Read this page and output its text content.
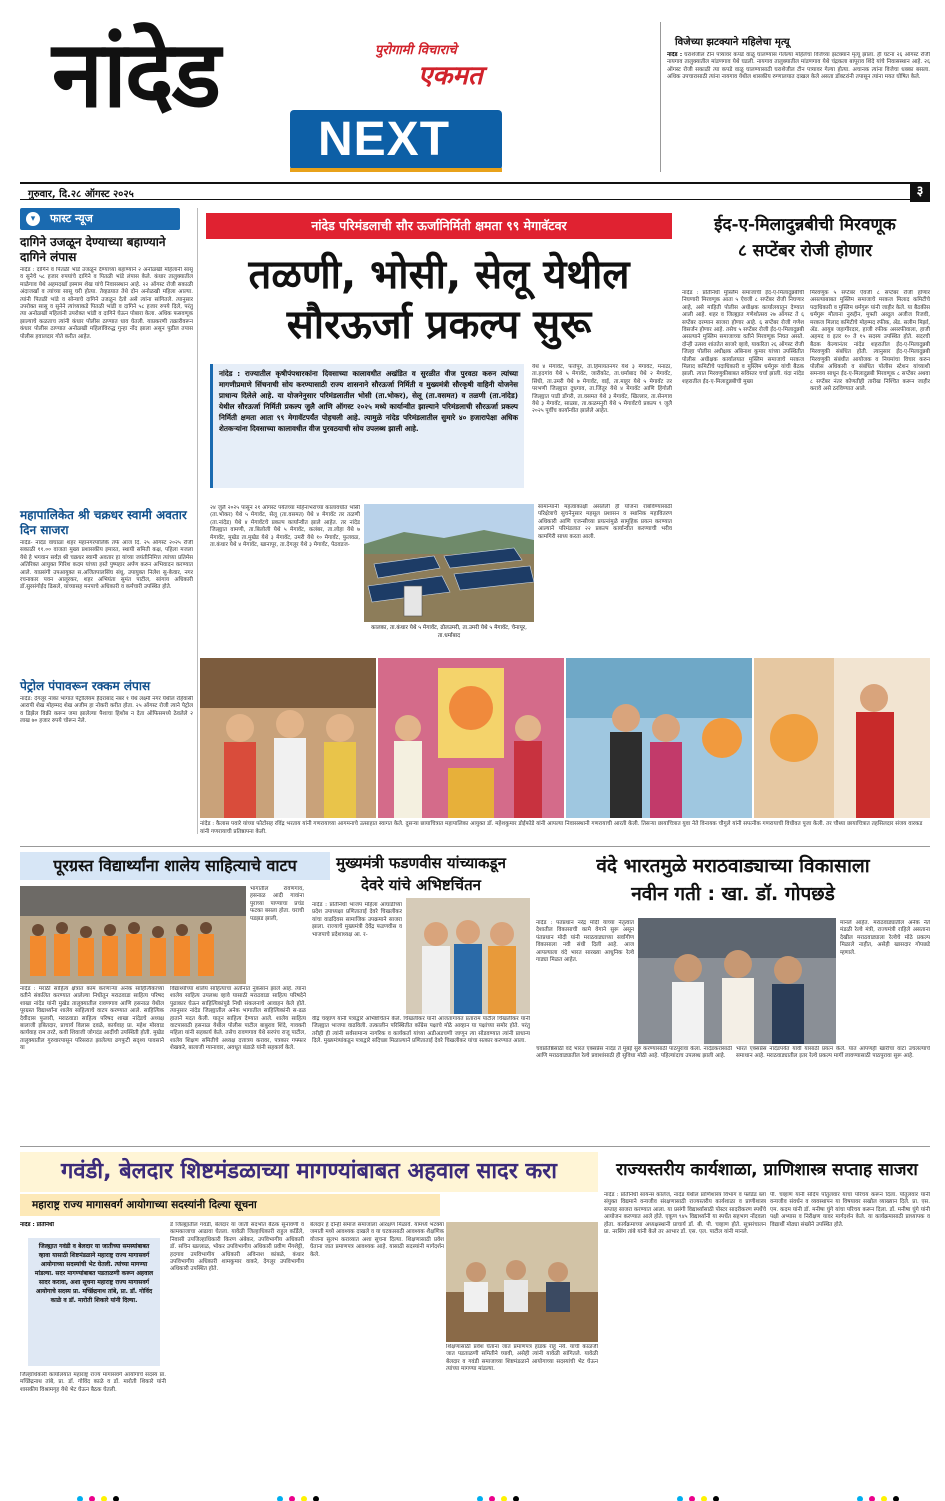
नांदेड	पुरोगामी विचाराचे
एकमत
NEXT
विजेच्या झटक्याने महिलेचा मृत्यू
नांदेड : घराशेजील टीन पत्र्यावर कपडे वाळू घालण्यास गेलेल्या महिलेचा विजेच्या झटक्याने मृत्यू झाला. ही घटना २६ ऑगस्ट रोजी नायगाव तालुक्यातील मांडणगाव येथे घडली. नायगाव तालुक्यातील मांडणगाव येथे चंद्रकला बापूराव शिंदे यांचे निवासस्थान आहे. २६ ऑगस्ट रोजी सकाळी त्या कपडे वाळू घालण्यासाठी घराशेजील टीन पत्र्यावर गेल्या होत्या. अचानक त्यांना विजेचा धक्का बसला. अधिक उपचारासाठी त्यांना नायगाव येथील शासकीय रुग्णालयात दाखल केले असता डॉक्टरांनी तपासून त्यांना मयत घोषित केले.
गुरुवार, दि.२८ ऑगस्ट २०२५	३
▾	फास्ट न्यूज
दागिने उजळून देण्याच्या बहाण्याने दागिने लंपास
नांदेड : दागिने व पितळी भांडे उजळून देण्याच्या बहाण्याने २ अनोळखी महिलांनी सासू व सुनेचे ५८ हजार रुपयांचे दागिने व पितळी भांडे लंपास केले. कंधार तालुक्यातील माळेगाव येथे अहमदखाँ इस्माम शेख यांचे निवासस्थान आहे. २२ ऑगस्ट रोजी सकाळी अंदाजखाँ व त्यांच्या सासू घरी होत्या. तेव्हढयात तेथे दोन अनोळखी महिला आल्या. त्यांनी पितळी भांडे व सोन्याचे दागिने उजळून देतो असे त्यांना सांगितले. त्यानुसार उपरोक्त सासू व सुनेने त्यांच्याकडे पितळी भांडी व दागिने ५८ हजार रुपये दिले, परंतु त्या अनोळखी महिलांनी उपरोक्त भांडी व दागिने घेऊन पोबारा केला. अधिक फसवणूक झाल्याचे कळताच त्यांनी कंधार पोलीस ठाण्यात धाव घेतली. याप्रकरणी तक्रारीवरून कंधार पोलीस ठाण्यात अनोळखी महिलांविरुद्ध गुन्हा नोंद झाला असून पुढील तपास पोलीस हवालदार गोते करीत आहेत.
महापालिकेत श्री चक्रधर स्वामी अवतार दिन साजरा
नांदेड- नांदेड वाघाळा शहर महानगरपालिके तर्फे आज दि. २५ ऑगस्ट २०२५ रोजी सकाळी ११.०० वाजता मुख्य प्रशासकीय इमारत, स्थायी समिती कक्ष, पहिला मजला येथे हे भगवान सर्वज्ञ श्री चक्रधर स्वामी अवतार हा यांच्या जयंतीनिमित्त त्यांच्या प्रतिमेस अतिरिक्त आयुक्त गिरिश कदम यांच्या हस्ते पुष्पहार अर्पण करुन अभिवादन करण्यात आले. याप्रसंगी उपआयुक्त स.अजितपालसिंघ संधू, उपायुक्त निलेश सु-केवार, नगर रचनाकार पवन आलूरकर, शहर अभियंता सुमंत पाटील, सांगाय अधिकारी डॉ.सुरसंगोईद ढिसले, यांच्यासह मनपाचे अधिकारी व कर्मचारी उपस्थित होते.
पेट्रोल पंपावरून रक्कम लंपास
नांदेड: देगलूर नाका भागात पेट्रोलियम हैदराबाद नंबर १ येथे लक्ष्मी नगर येथील रहिवासी आरापी शेख मोहम्मद शेख अजीम हा नोकरी करीत होता. २५ ऑगस्ट रोजी त्याने पेट्रोल व डिझेल विक्री करून जमा झालेल्या पैशाचा हिशोब न देता ऑफिसमध्ये ठेवलेले २ लाख ७० हजार रुपये चोरून नेले.
नांदेड परिमंडलाची सौर ऊर्जानिर्मिती क्षमता ९९ मेगावॅटवर
तळणी, भोसी, सेलू येथील
सौरऊर्जा प्रकल्प सुरू
नांदेड : राज्यातील कृषीपंपधारकांना दिवसाच्या कालावधीत अखंडित व सुरळीत वीज पुरवठा करुन त्यांच्या मागणीप्रमाणे सिंचनाची सोय करण्यासाठी राज्य शासनाने सौरऊर्जा निर्मिती व मुख्यमंत्री सौरकृषी वाहिनी योजनेस प्राधान्य दिलेले आहे. या योजनेनुसार परिमंडलातील भोसी (ता.भोकर), सेलू (ता.वसमत) व तळणी (ता.नांदेड) येथील सौरऊर्जा निर्मिती प्रकल्प जुलै आणि ऑगस्ट २०२५ मध्ये कार्यान्वीत झाल्याने परिमंडलाची सौरऊर्जा प्रकल्प निर्मिती क्षमता आता ९९ मेगावॅटपर्यंत पोहचली आहे. त्यामुळे नांदेड परिमंडलातील सुमारे ४० हजारापेक्षा अधिक शेतकऱ्यांना दिवसाच्या कालावधीत वीज पुरवठयाची सोय उपलब्ध झाली आहे.
येथे ४ मेगावॅट, फत्तेपूर, ता.हिमायतनगर येथे ३ मेगावॅट, मनाठा, ता.हदगांव येथे ५ मेगावॅट, जारीकोट, ता.धर्माबाद येथे २ मेगावॅट, सिंधी, ता.उमरी येथे ७ मेगावॅट, वाई, ता.माहूर येथे ५ मेगावॅट तर परभणी जिल्ह्यात दुधगाव, ता.जिंतूर येथे ४ मेगावॅट आणि हिंगोली जिल्ह्यात पाडी डोंगरी, ता.वसमत येथे ३ मेगावॅट, खिल्लार, ता.सेनगाव येथे ३ मेगावॅट, साळ्या, ता.कळमनुरी येथे ५ मेगावॅटचे प्रकल्प ९ जुलै २०२५ पूर्वीच कार्यान्वीत झालेले आहेत.
२४ जुलै २०२५ पासून २१ ऑगस्ट पर्यंतच्या महिनाभराच्या कालावधीत भोसी (ता.भोकर) येथे ५ मेगावॅट, सेलू (ता.वसमत) येथे ४ मेगावॅट तर तळणी (ता.नांदेड) येथे ४ मेगावॅटचे प्रकल्प कार्यान्वीत झाले आहेत. तर नांदेड जिल्ह्यात वामणी, ता.बिलोली येथे ५ मेगावॅट, कलंबर, ता.लोहा येथे ७ मेगावॅट, मुखेड ता.मुखेड येथे ३ मेगावॅट, उमरी येथे १० मेगावॅट, फुलवळ, ता.कंधार येथे ४ मेगावॅट, खानापूर, ता.देगलूर येथे ३ मेगावॅट, पेठवडज-
कालका, ता.कंधार येथे ५ मेगावॅट, ढोलउमरी, ता.उमरी येथे ५ मेगावॅट, चेनापूर, ता.धर्माबाद
सामान्यांनी महत्वाकांक्षी असलेली ही योजना राबविण्यासाठी परिक्षेत्राचे सुचनेनुसार महसूल प्रशासन व स्थानिक महावितरण अधिकारी आणि एजन्सीच्या प्रयत्नांमुळे सामूहिक प्रयत्न करण्यात आल्याने परिमंडलात २२ प्रकल्प कार्यान्वीत करण्याची भरीव कामगिरी साध्य करता आली.
ईद-ए-मिलादुन्नबीची मिरवणूक
८ सप्टेंबर रोजी होणार
नांदेड : प्रतिनिधी मुस्लिम समाजाची ईद-ए-मिलादुन्नबीची निघणारी मिरवणूक आता ५ ऐवजी ८ सप्टेंबर रोजी निघणार आहे, असे माहिती पोलीस अधीक्षक कार्यालयातून देण्यात आली आहे. शहर व जिल्ह्यात गणेशोत्सव २७ ऑगस्ट ते ६ सप्टेंबर दरम्यान साजरा होणार आहे. ६ सप्टेंबर रोजी गणेश विसर्जन होणार आहे. तसेच ५ सप्टेंबर रोजी ईद-ए-मिलादुन्नबी असल्याने मुस्लिम समाजाच्या वतीने मिरवणूक निघत असते. दोन्ही उत्सव शांततेत साजरे व्हावे, याकरिता २६ ऑगस्ट रोजी जिल्हा पोलीस अधीक्षक अबिनाश कुमार यांच्या उपस्थितीत पोलीस अधीक्षक कार्यालयात मुस्लिम समाजाचे मरकज मिलाद कमिटीचे पदाधिकारी व मुस्लिम धर्मगुरू यांची बैठक झाली. त्यात मिरवणुकीबाबत सविस्तर चर्चा झाली. यंदा नांदेड शहरातील ईद-ए-मिलादुन्नबीची मुख्य
मिरवणूक ५ सप्टेंबर ऐवजी ८ सप्टेंबर रोजी होणार असल्याबाबत मुस्लिम समाजाचे मरकज मिलाद कमिटीचे पदाधिकारी व मुस्लिम धर्मगुरू यांनी जाहीर केले. या बैठकीस धर्मगुरू मौलाना नुरुद्दीन, मुफ्ती अब्दुल अजीज रिजवी, मरकज मिलाद कमिटीचे मोहम्मद रफीक, ॲड. सलीम मिर्झा, ॲड. आयुब जहागीरदार, हाजी रफीक असरफीवाला, हाजी अहमद व इतर १० ते १५ सदस्य उपस्थित होते. सदरची बैठक केल्यानंतर नांदेड शहरातील ईद-ए-मिलादुन्नबी मिरवणुकी संबंधित होती. त्यानुसार ईद-ए-मिलादुन्नबी मिरवणुकी संबंधीत आयोजक व नियमांचा विचार करुन पोलीस अधिकारी व संबंधित पोलीस स्टेशन यांच्याशी समन्वय साधून ईद-ए-मिलादुन्नबी मिरवणूक ८ सप्टेंबर अथवा ८ सप्टेंबर नंतर कोणतीही तारीख निश्चित करून जाहीर करावे असे ठरविण्यात आले.
नांदेड : कैलास पवारे यांच्या फोटोसह रविंद्र भरताय यांनी गणरायाच्या आगमनाचे उत्साहात स्वागत केले. दुसऱ्या छायाचित्रात महापालिका आयुक्त डॉ. महेशकुमार डोईफोडे यांनी आपल्या निवासस्थानी गणरायाची आरती केली. तिसऱ्या छायाचित्रात युवा नेते विनायक चौगुले यांनी सपत्नीक गणरायाची विधीवत पूजा केली. तर चौथ्या छायाचित्रात तहसिलदार संजय वारकड यांनी गणरायाची प्रतिष्ठापना केली.
पूरग्रस्त विद्यार्थ्यांना शालेय साहित्याचे वाटप
भागातील रावणगाव, हसनाळ आदी गावांना पुराच्या पाण्याचा प्रचंड फटका बसला होता. घराची पडझड झाली,
नांदेड : मराठी साहित्य क्षेत्रात काम करणाऱ्या अनेक साहित्यिकांच्या वतीने संकलित करण्यात आलेल्या निधीतून मराठवाडा साहित्य परिषद शाखा नांदेड यांनी मुखेड तालुक्यातील रावणगाव आणि हसनाळ येथील पूरग्रस्त विद्यार्थ्यांना शालेय साहित्याचे वाटप करण्यात आले. साहित्यिक देवीदास फुलारी, मराठवाडा साहित्य परिषद शाखा नांदेडचे अध्यक्ष बालाजी इबितदार, प्राचार्य विलास दवळे, कार्यवाह प्रा. महेश मोरवाड कार्यवाह राम तरटे, कवी शिवाजी जोगदंड आदींची उपस्थिती होती. मुखेड तालुक्यातील गुरुवारपासून परिसरात झालेल्या ढगफुटी सदृश्य पावसाने या
विद्यार्थ्यांच्या शालेय साहित्याचा अतोनात नुकसान झाले आहे. त्यांना शालेय साहित्य उपलब्ध व्हावे यासाठी मराठवाडा साहित्य परिषदेने पुढाकार घेऊन साहित्यिकांपुढे निधी संकलनाचे आवाहन केले होते. त्यानुसार नांदेड जिल्ह्यातील अनेक भागातील साहित्यिकांनी स-ढळ हाताने मदत केली. यातून साहित्य देण्यात आले. शालेय साहित्य वाटपासाठी हसनाळ येथील पोलीस पाटील बाबुराव शिंदे, गावकरी महिला यांनी सहकार्य केले. तसेच रावणगाव येथे सरपंच राजू पाटील, शालेय शिक्षण समितीचे अध्यक्ष दत्तात्रय करावर, पत्रकार गफ्फार शेखकरे, बालाजी ग्यानावार, अवधूत बंडाळे यांनी सहकार्य केले.
मुख्यमंत्री फडणवीस यांच्याकडून
देवरे यांचे अभिष्टचिंतन
नांदेड : प्रतिनिधी भाजप महिला आघाडीच्या प्रदेश उपाध्यक्षा प्रणिताताई देवरे चिखलीकर यांचा वाढदिवस सामाजिक उपक्रमाने साजरा झाला. राज्याचे मुख्यमंत्री देवेंद्र फडणवीस व भाजपाचे प्रदेशाध्यक्ष आ. र-
वींद्र चव्हाण यांनी पत्राद्वारे अभिष्टचिंतन केले. चिखलीकर यांनी आजतागायत प्रताराम पाटील चिखलीकर यांनी जिल्ह्यात भाजपा वाढविली. तत्कालीन परिस्थितीत काँग्रेस पक्षाचे मोठे आव्हान या पक्षांच्या समोर होते. परंतु तरीही ही त्यांनी सर्वसामान्य नागरिक व कार्यकर्ता यांच्या अडीअडचणी जाणून त्या सोडवण्यात त्यांनी प्राधान्य दिले. मुख्यमंत्र्यांकडून पत्राद्वारे सदिच्छा मिळाल्याने प्रणिताताई देवरे चिखलीकर यांचा सत्कार करण्यात आला.
वंदे भारतमुळे मराठवाड्याच्या विकासाला
नवीन गती : खा. डॉ. गोपछडे
नांदेड : पंतप्रधान नरेंद्र मोदी यांच्या नेतृत्वात देशातील विकासाची कामे वेगाने सुरू असून पंतप्रधान मोदी यांनी मराठवाड्याच्या सर्वांगीण विकासाला नवी संधी दिली आहे. आज आपल्याला वंदे भारत सारख्या आधुनिक रेल्वे गाड्या मिळत आहेत.
मानले आहेत. मराठवाड्यातील अनेक नेते मंडळी रेल्वे मंत्री, राज्यमंत्री राहिले असताना देखील मराठवाड्याला रेल्वेचे मोठे प्रकल्प मिळाले नाहीत, असेही खासदार गोपछडे म्हणाले.
चवप्रतिष्ठेसाठी वंदे भारत एक्सप्रेस नांदेड ते मुंबई सुरु करण्यासाठी पाठपुरावा केला. नांदेडकरांसाठी आणि मराठवाड्यातील रेल्वे प्रवाशांसाठी ही सुविधा मोठी आहे. पहिल्यांदाच उपलब्ध झाली आहे.
भारत एक्सप्रेस नांदेडपर्यंत यावी यासाठी प्रयत्न केले. यात आपणही खारीचा वाटा उचलल्याचे समाधान आहे. मराठवाड्यातील इतर रेल्वे प्रकल्प मार्गी लावण्यासाठी पाठपुरावा सुरू आहे.
गवंडी, बेलदार शिष्टमंडळाच्या मागण्यांबाबत अहवाल सादर करा
महाराष्ट्र राज्य मागासवर्ग आयोगाच्या सदस्यांनी दिल्या सूचना
नांदेड : प्रतिनिधी
जिल्ह्यात गवंडी व बेलदार या जातीच्या समस्यांबाबत व्हावा यासाठी शिष्टमंडळाने महाराष्ट्र राज्य मागासवर्ग आयोगाच्या सदस्यांची भेट घेतली. त्यांच्या मागण्या मांडल्या. सदर मागण्यांबाबत पडताळणी करून अहवाल सादर करावा, अशा सूचना महाराष्ट्र राज्य मागासवर्ग आयोगाचे सदस्य प्रा. मच्छिंद्रनाथ तांबे, प्रा. डॉ. गोविंद काळे व डॉ. मारोती शिकारे यांनी दिल्या.
जिल्हाधिकारी कार्यालयात महाराष्ट्र राज्य मागासवर्ग आयोगाचे सदस्य प्रा. मच्छिंद्रनाथ तांबे, प्रा. डॉ. गोविंद काळे व डॉ. मारोती शिकारे यांनी शासकीय विश्रामगृह येथे भेट घेऊन बैठक घेतली.
डे जिल्ह्यातील गवंडी, बेलदार या जाती संदर्भात बैठक सुनावणी व कामकाजाचा आढावा घेतला. यावेळी जिल्हाधिकारी राहुल कर्डिले, निवासी उपजिल्हाधिकारी किरण अंबेकर, उपविभागीय अधिकारी डॉ. सचिन खल्लाळ, भोकर उपविभागीय अधिकारी प्रवीण मेंगशेट्टी, हदगाव उपविभागीय अधिकारी अविनाश कांबळे, कंधार उपविभागीय अधिकारी शामकुमार वाकरे, देगलूर उपविभागीय अधिकारी उपस्थित होते.
बेलदार हे दोन्ही समाज समाजाला आरक्षण मिळावे. यामध्ये भटक्या जमाती मध्ये आवश्यक दाखले व या घटकासाठी आवश्यक शैक्षणिक योजना सुलभ कराव्यात अशा सूचना दिल्या. शिक्षणासाठी प्रवेश घेताना जात प्रमाणपत्र आवश्यक आहे. यासाठी सदस्यांनी मार्गदर्शन केले.
शिक्षणासाठी प्रवेश घेताना जात प्रमाणपत्र हाडक राहू नये. याची काळजी जात पडताळणी समितीने घ्यावी, असेही त्यांनी यावेळी सांगितले. यावेळी बेलदार व गवंडी समाजाच्या शिष्टमंडळाने आयोगाच्या सदस्यांची भेट घेऊन त्यांच्या मागण्या मांडल्या.
राज्यस्तरीय कार्यशाळा, प्राणिशास्त्र सप्ताह साजरा
नांदेड : प्रतिनिधी सायन्स कॉलेज, नांदेड येथील प्राणिशास्त्र विभाग व फ्लॅडेड ब्ला संयुक्त विद्यमाने वन्यजीव संरक्षणासाठी राज्यस्तरीय कार्यशाळा व प्राणीशास्त्र सप्ताह साजरा करण्यात आला. या प्रसंगी विद्यार्थ्यांसाठी पोस्टर सादरीकरण स्पर्धेचे आयोजन करण्यात आले होते. एकूण ९४५ विद्यार्थ्यांनी या स्पर्धेत सहभाग नोंदवला होता. कार्यक्रमाच्या अध्यक्षस्थानी प्राचार्य डॉ. बी. पी. चव्हाण होते. सूत्रसंचालन प्रा. नरसिंग तांबे यांनी केले तर आभार डॉ. एस. एल. पाटील यांनी मानले.
पी. चव्हाण यांनी सदिप पोतुलवार यांचा परिचय करून दिला. पोतुलवार यांनी वन्यजीव संवर्धन व व्यवस्थापन या विषयावर सखोल व्याख्यान दिले. प्रा. एस. एम. कदम यांनी डॉ. मनीषा घुंगे यांचा परिचय करून दिला. डॉ. मनीषा घुंगे यांनी पक्षी अभ्यास व निरीक्षण यावर मार्गदर्शन केले. या कार्यक्रमासाठी प्राध्यापक व विद्यार्थी मोठ्या संख्येने उपस्थित होते.
